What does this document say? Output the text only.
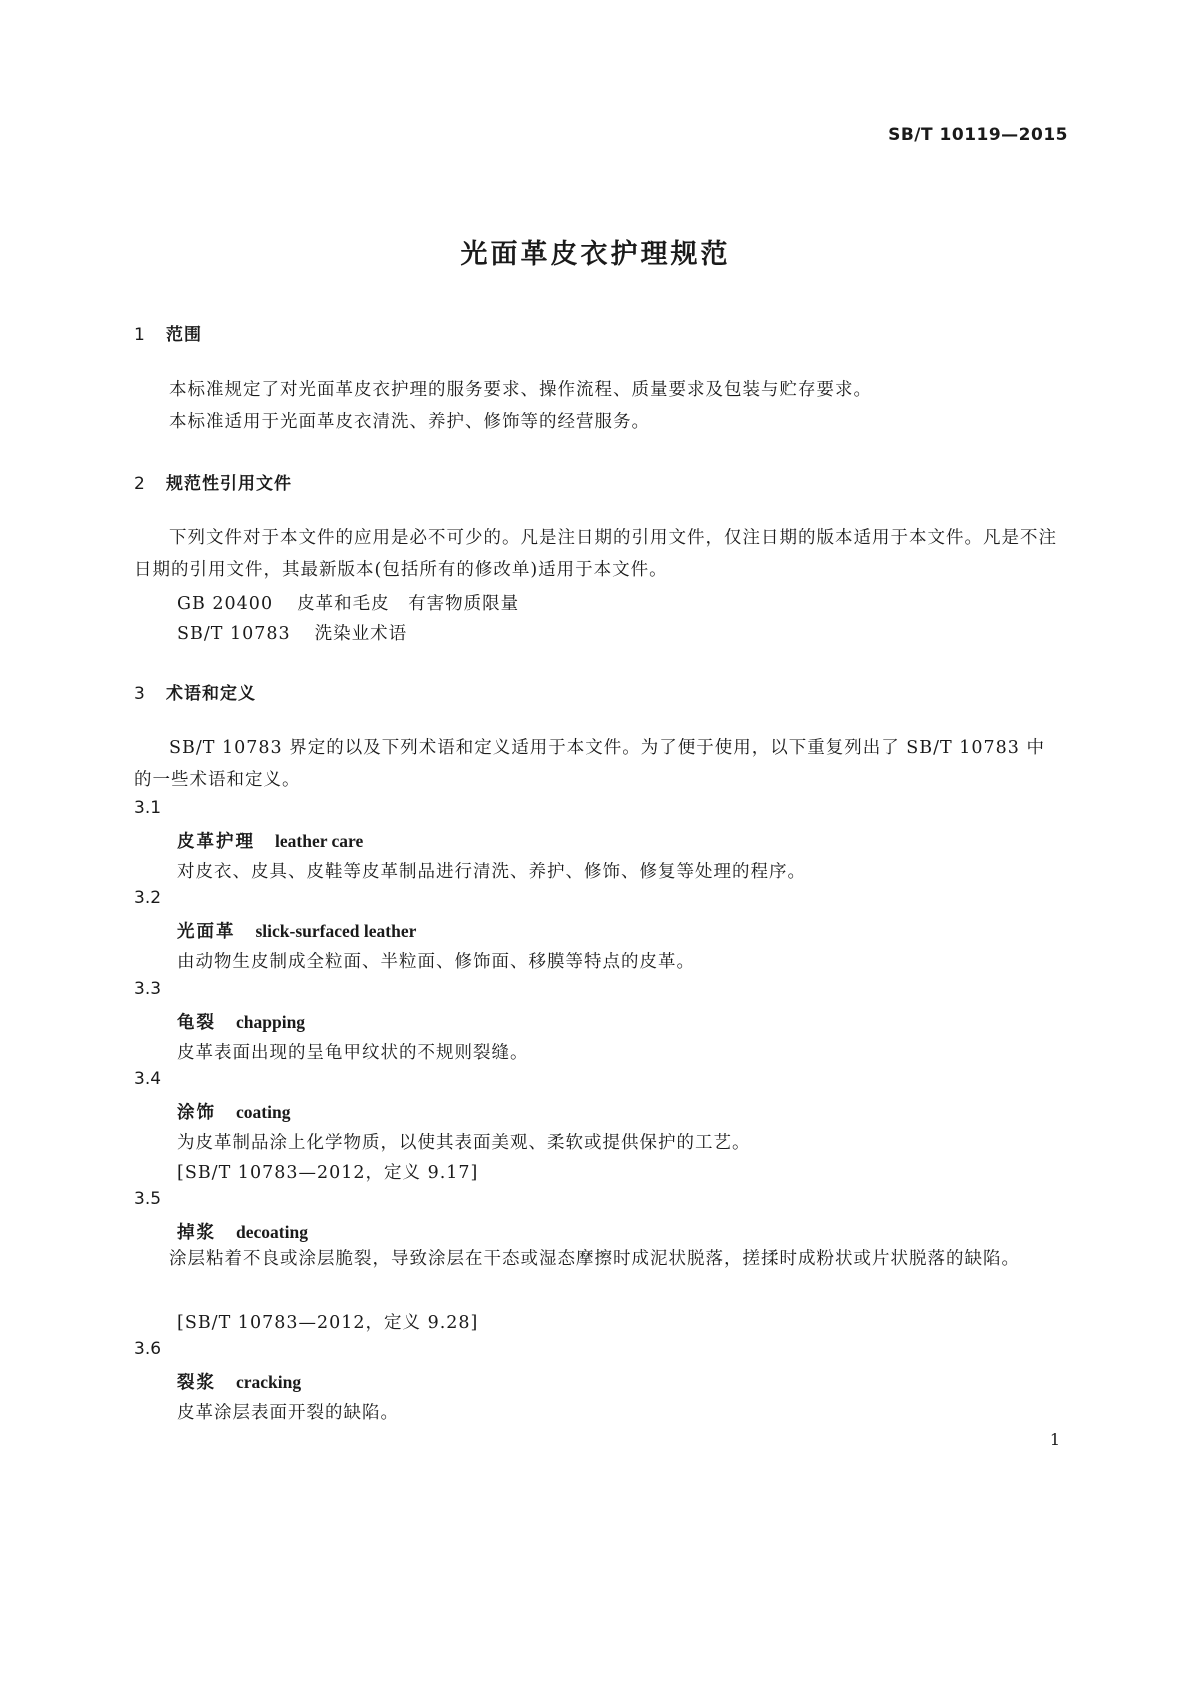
SB/T 10119—2015
光面革皮衣护理规范
1 范围

本标准规定了对光面革皮衣护理的服务要求、操作流程、质量要求及包装与贮存要求。

本标准适用于光面革皮衣清洗、养护、修饰等的经营服务。

2 规范性引用文件

下列文件对于本文件的应用是必不可少的。凡是注日期的引用文件，仅注日期的版本适用于本文件。凡是不注日期的引用文件，其最新版本(包括所有的修改单)适用于本文件。

GB 20400 皮革和毛皮　有害物质限量
SB/T 10783 洗染业术语
3 术语和定义

SB/T 10783 界定的以及下列术语和定义适用于本文件。为了便于使用，以下重复列出了 SB/T 10783 中的一些术语和定义。

3.1
皮革护理 leather care
对皮衣、皮具、皮鞋等皮革制品进行清洗、养护、修饰、修复等处理的程序。
3.2
光面革 slick-surfaced leather
由动物生皮制成全粒面、半粒面、修饰面、移膜等特点的皮革。
3.3
龟裂 chapping
皮革表面出现的呈龟甲纹状的不规则裂缝。
3.4
涂饰 coating
为皮革制品涂上化学物质，以使其表面美观、柔软或提供保护的工艺。
[SB/T 10783—2012，定义 9.17]
3.5
掉浆 decoating

涂层粘着不良或涂层脆裂，导致涂层在干态或湿态摩擦时成泥状脱落，搓揉时成粉状或片状脱落的缺陷。

[SB/T 10783—2012，定义 9.28]
3.6
裂浆 cracking
皮革涂层表面开裂的缺陷。
1
